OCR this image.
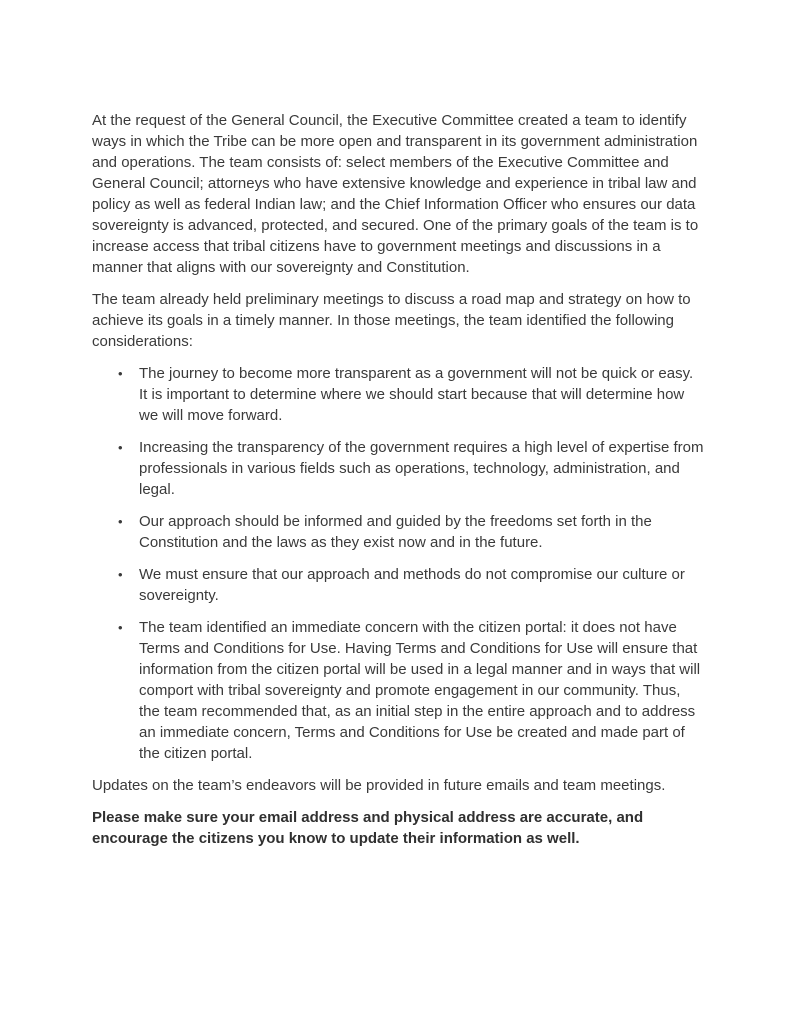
At the request of the General Council, the Executive Committee created a team to identify ways in which the Tribe can be more open and transparent in its government administration and operations. The team consists of: select members of the Executive Committee and General Council; attorneys who have extensive knowledge and experience in tribal law and policy as well as federal Indian law; and the Chief Information Officer who ensures our data sovereignty is advanced, protected, and secured. One of the primary goals of the team is to increase access that tribal citizens have to government meetings and discussions in a manner that aligns with our sovereignty and Constitution.

The team already held preliminary meetings to discuss a road map and strategy on how to achieve its goals in a timely manner. In those meetings, the team identified the following considerations:

•	The journey to become more transparent as a government will not be quick or easy. It is important to determine where we should start because that will determine how we will move forward.
•	Increasing the transparency of the government requires a high level of expertise from professionals in various fields such as operations, technology, administration, and legal.
•	Our approach should be informed and guided by the freedoms set forth in the Constitution and the laws as they exist now and in the future.
•	We must ensure that our approach and methods do not compromise our culture or sovereignty.
•	The team identified an immediate concern with the citizen portal: it does not have Terms and Conditions for Use. Having Terms and Conditions for Use will ensure that information from the citizen portal will be used in a legal manner and in ways that will comport with tribal sovereignty and promote engagement in our community. Thus, the team recommended that, as an initial step in the entire approach and to address an immediate concern, Terms and Conditions for Use be created and made part of the citizen portal.

Updates on the team’s endeavors will be provided in future emails and team meetings.

Please make sure your email address and physical address are accurate, and encourage the citizens you know to update their information as well.
